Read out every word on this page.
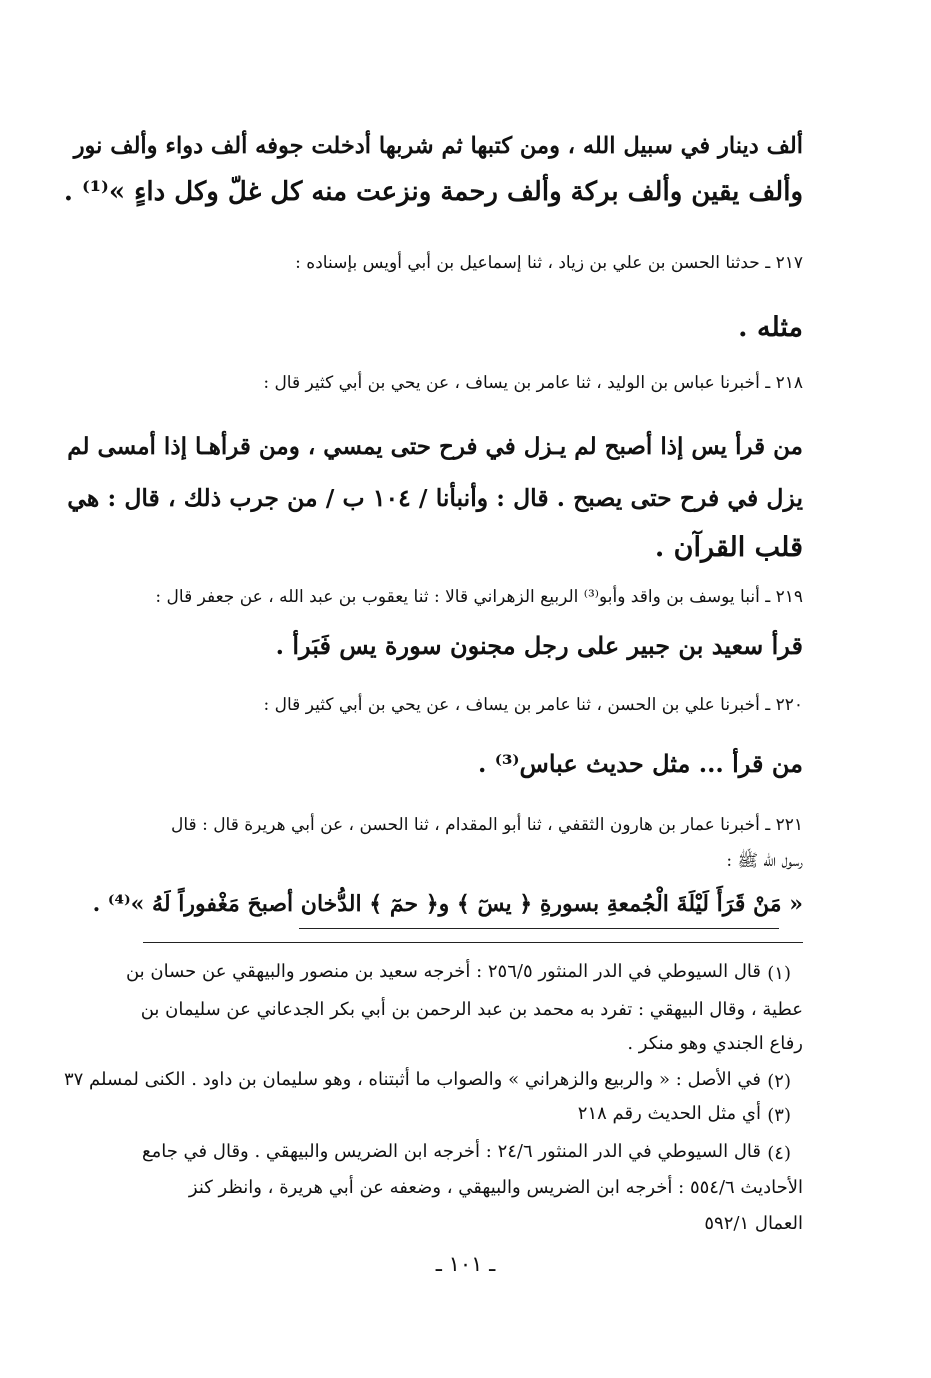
ألف دينار في سبيل الله ، ومن كتبها ثم شربها أدخلت جوفه ألف دواء وألف نور
وألف يقين وألف بركة وألف رحمة ونزعت منه كل غلّ وكل داءٍ »⁽¹⁾ .
٢١٧ ـ حدثنا الحسن بن علي بن زياد ، ثنا إسماعيل بن أبي أويس بإسناده :
مثله .
٢١٨ ـ أخبرنا عباس بن الوليد ، ثنا عامر بن يساف ، عن يحي بن أبي كثير قال :
من قرأ يس إذا أصبح لم يـزل في فرح حتى يمسي ، ومن قرأهـا إذا أمسى لم
يزل في فرح حتى يصبح . قال : وأنبأنا / ١٠٤ ب / من جرب ذلك ، قال : هي
قلب القرآن .
٢١٩ ـ أنبا يوسف بن واقد وأبو⁽³⁾ الربيع الزهراني قالا : ثنا يعقوب بن عبد الله ، عن جعفر قال :
قرأ سعيد بن جبير على رجل مجنون سورة يس فَبَرأ .
٢٢٠ ـ أخبرنا علي بن الحسن ، ثنا عامر بن يساف ، عن يحي بن أبي كثير قال :
من قرأ ... مثل حديث عباس⁽³⁾ .
٢٢١ ـ أخبرنا عمار بن هارون الثقفي ، ثنا أبو المقدام ، ثنا الحسن ، عن أبي هريرة قال : قال
رسول الله ﷺ :
« مَنْ قَرَأَ لَيْلَةَ الْجُمعةِ بسورةِ ﴿ يسٓ ﴾ و﴿ حمٓ ﴾ الدُّخان أصبحَ مَغْفوراً لَهُ »⁽⁴⁾ .
(١)
قال السيوطي في الدر المنثور ٢٥٦/٥ : أخرجه سعيد بن منصور والبيهقي عن حسان بن
عطية ، وقال البيهقي : تفرد به محمد بن عبد الرحمن بن أبي بكر الجدعاني عن سليمان بن
رفاع الجندي وهو منكر .
(٢)
في الأصل : « والربيع والزهراني » والصواب ما أثبتناه ، وهو سليمان بن داود . الكنى لمسلم ٣٧
(٣)
أي مثل الحديث رقم ٢١٨
(٤)
قال السيوطي في الدر المنثور ٢٤/٦ : أخرجه ابن الضريس والبيهقي . وقال في جامع
الأحاديث ٥٥٤/٦ : أخرجه ابن الضريس والبيهقي ، وضعفه عن أبي هريرة ، وانظر كنز
العمال ٥٩٢/١
ـ ١٠١ ـ
